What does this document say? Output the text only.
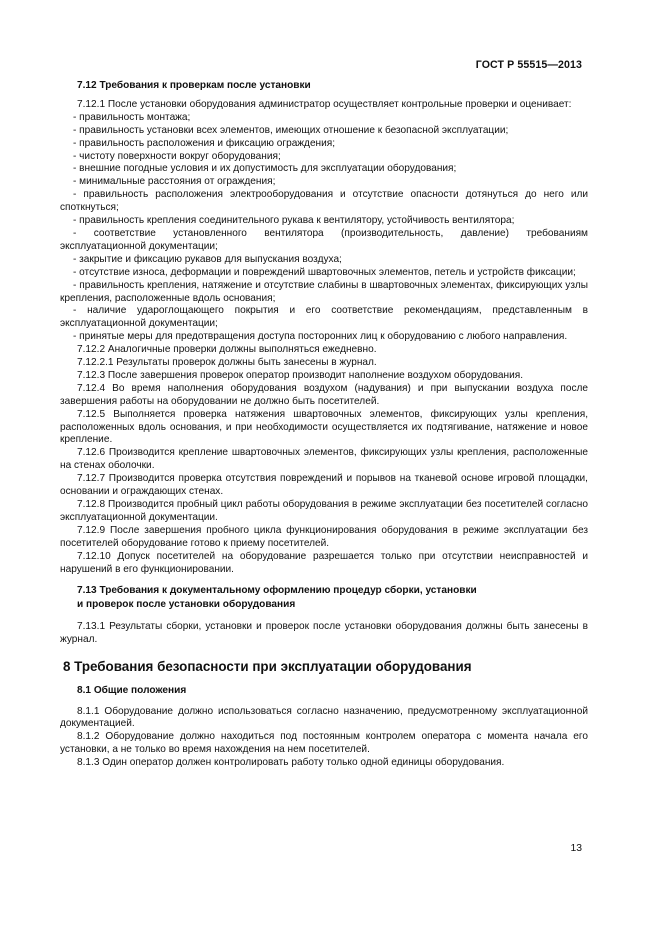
ГОСТ Р 55515—2013

7.12 Требования к проверкам после установки

7.12.1 После установки оборудования администратор осуществляет контрольные проверки и оценивает:

- правильность монтажа;

- правильность установки всех элементов, имеющих отношение к безопасной эксплуатации;

- правильность расположения и фиксацию ограждения;

- чистоту поверхности вокруг оборудования;

- внешние погодные условия и их допустимость для эксплуатации оборудования;

- минимальные расстояния от ограждения;

- правильность расположения электрооборудования и отсутствие опасности дотянуться до него или споткнуться;

- правильность крепления соединительного рукава к вентилятору, устойчивость вентилятора;

- соответствие установленного вентилятора (производительность, давление) требованиям эксплуатационной документации;

- закрытие и фиксацию рукавов для выпускания воздуха;

- отсутствие износа, деформации и повреждений швартовочных элементов, петель и устройств фиксации;

- правильность крепления, натяжение и отсутствие слабины в швартовочных элементах, фиксирующих узлы крепления, расположенные вдоль основания;

- наличие удароглощающего покрытия и его соответствие рекомендациям, представленным в эксплуатационной документации;

- принятые меры для предотвращения доступа посторонних лиц к оборудованию с любого направления.

7.12.2 Аналогичные проверки должны выполняться ежедневно.

7.12.2.1 Результаты проверок должны быть занесены в журнал.

7.12.3 После завершения проверок оператор производит наполнение воздухом оборудования.

7.12.4 Во время наполнения оборудования воздухом (надувания) и при выпускании воздуха после завершения работы на оборудовании не должно быть посетителей.

7.12.5 Выполняется проверка натяжения швартовочных элементов, фиксирующих узлы крепления, расположенных вдоль основания, и при необходимости осуществляется их подтягивание, натяжение и новое крепление.

7.12.6 Производится крепление швартовочных элементов, фиксирующих узлы крепления, расположенные на стенах оболочки.

7.12.7 Производится проверка отсутствия повреждений и порывов на тканевой основе игровой площадки, основании и ограждающих стенах.

7.12.8 Производится пробный цикл работы оборудования в режиме эксплуатации без посетителей согласно эксплуатационной документации.

7.12.9 После завершения пробного цикла функционирования оборудования в режиме эксплуатации без посетителей оборудование готово к приему посетителей.

7.12.10 Допуск посетителей на оборудование разрешается только при отсутствии неисправностей и нарушений в его функционировании.

7.13 Требования к документальному оформлению процедур сборки, установки

и проверок после установки оборудования

7.13.1 Результаты сборки, установки и проверок после установки оборудования должны быть занесены в журнал.

8 Требования безопасности при эксплуатации оборудования

8.1 Общие положения

8.1.1 Оборудование должно использоваться согласно назначению, предусмотренному эксплуатационной документацией.

8.1.2 Оборудование должно находиться под постоянным контролем оператора с момента начала его установки, а не только во время нахождения на нем посетителей.

8.1.3 Один оператор должен контролировать работу только одной единицы оборудования.

13
